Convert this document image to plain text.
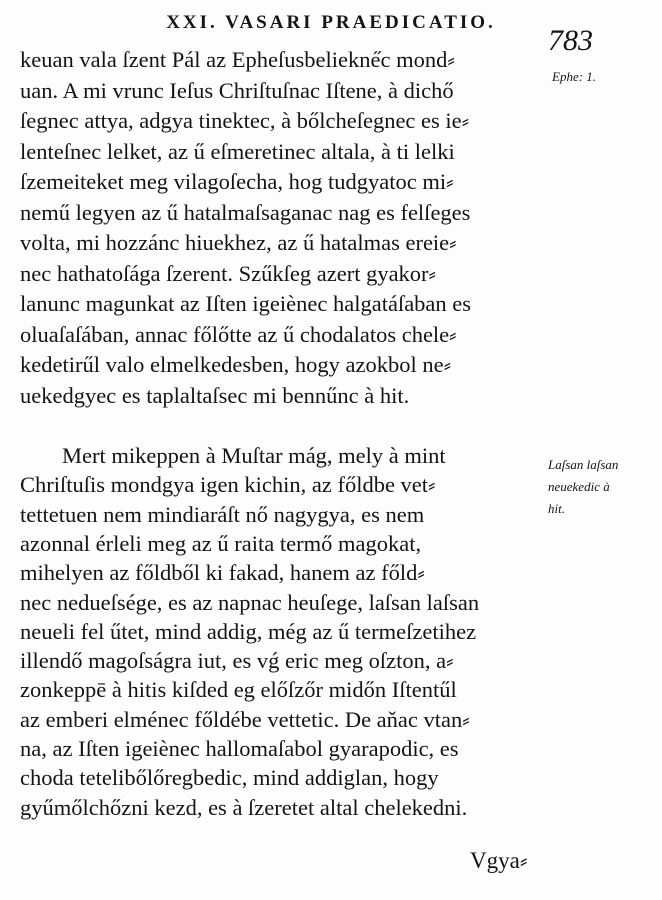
XXI. VASARI PRAEDICATIO.
783
Ephe: 1.
keuan vala ſzent Pál az Epheſusbeliekne̋c mond⸗
uan. A mi vrunc Ieſus Chriſtuſnac Iſtene, à dichő
ſegnec attya, adgya tinektec, à bőlcheſegnec es ie⸗
lenteſnec lelket, az ű eſmeretinec altala, à ti lelki
ſzemeiteket meg vilagoſecha, hog tudgyatoc mi⸗
nemű legyen az ű hatalmaſsaganac nag es felſeges
volta, mi hozzánc hiuekhez, az ű hatalmas ereie⸗
nec hathatoſága ſzerent. Szűkſeg azert gyakor⸗
lanunc magunkat az Iſten igeiènec halgatáſaban es
oluaſaſában, annac főlőtte az ű chodalatos chele⸗
kedetirűl valo elmelkedesben, hogy azokbol ne⸗
uekedgyec es taplaltaſsec mi bennűnc à hit.
Mert mikeppen à Muſtar mág, mely à mint
Chriſtuſis mondgya igen kichin, az főldbe vet⸗
tettetuen nem mindiaráſt nő nagygya, es nem
azonnal érleli meg az ű raita termő magokat,
mihelyen az főldből ki fakad, hanem az főld⸗
nec nedueſsége, es az napnac heuſege, laſsan laſsan
neueli fel űtet, mind addig, még az ű termeſzetihez
illendő magoſságra iut, es vǵ eric meg oſzton, a⸗
zonkeppē à hitis kiſded eg előſzőr midőn Iſtentűl
az emberi elménec főldébe vettetic. De aňac vtan⸗
na, az Iſten igeiènec hallomaſabol gyarapodic, es
choda tetelibőlőregbedic, mind addiglan, hogy
gyűmőlchőzni kezd, es à ſzeretet altal chelekedni.
Laſsan laſsan
neuekedic à
hit.
Vgya⸗
